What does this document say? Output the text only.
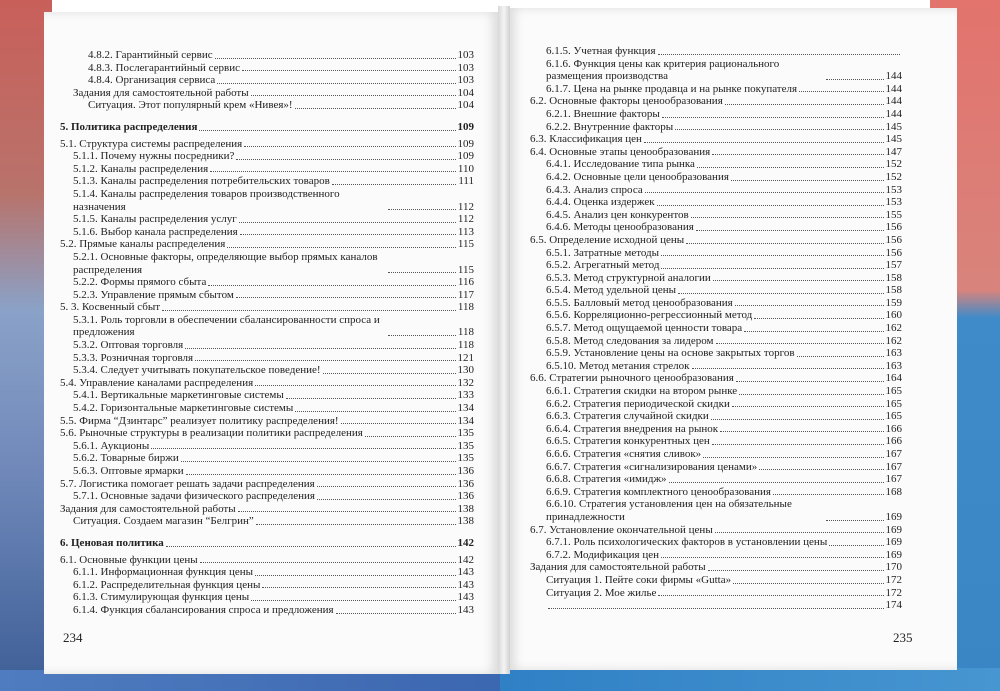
4.8.2. Гарантийный сервис	103
4.8.3. Послегарантийный сервис	103
4.8.4. Организация сервиса	103
Задания для самостоятельной работы	104
Ситуация. Этот популярный крем «Нивея»!	104
5. Политика распределения	109
5.1. Структура системы распределения	109
5.1.1. Почему нужны посредники?	109
5.1.2. Каналы распределения	110
5.1.3. Каналы распределения потребительских товаров	111
5.1.4. Каналы распределения товаров производственного назначения	112
5.1.5. Каналы распределения услуг	112
5.1.6. Выбор канала распределения	113
5.2. Прямые каналы распределения	115
5.2.1. Основные факторы, определяющие выбор прямых каналов распределения	115
5.2.2. Формы прямого сбыта	116
5.2.3. Управление прямым сбытом	117
5. 3. Косвенный сбыт	118
5.3.1. Роль торговли в обеспечении сбалансированности спроса и предложения	118
5.3.2. Оптовая торговля	118
5.3.3. Розничная торговля	121
5.3.4. Следует учитывать покупательское поведение!	130
5.4. Управление каналами распределения	132
5.4.1. Вертикальные маркетинговые системы	133
5.4.2. Горизонтальные маркетинговые системы	134
5.5. Фирма “Дзинтарс” реализует политику распределения!	134
5.6. Рыночные структуры в реализации политики распределения	135
5.6.1. Аукционы	135
5.6.2. Товарные биржи	135
5.6.3. Оптовые ярмарки	136
5.7. Логистика помогает решать задачи распределения	136
5.7.1. Основные задачи физического распределения	136
Задания для самостоятельной работы	138
Ситуация. Создаем магазин “Белгрин”	138
6. Ценовая политика	142
6.1. Основные функции цены	142
6.1.1. Информационная функция цены	143
6.1.2. Распределительная функция цены	143
6.1.3. Стимулирующая функция цены	143
6.1.4. Функция сбалансирования спроса и предложения	143
6.1.5. Учетная функция
6.1.6. Функция цены как критерия рационального размещения производства	144
6.1.7. Цена на рынке продавца и на рынке покупателя	144
6.2. Основные факторы ценообразования	144
6.2.1. Внешние факторы	144
6.2.2. Внутренние факторы	145
6.3. Классификация цен	145
6.4. Основные этапы ценообразования	147
6.4.1. Исследование типа рынка	152
6.4.2. Основные цели ценообразования	152
6.4.3. Анализ спроса	153
6.4.4. Оценка издержек	153
6.4.5. Анализ цен конкурентов	155
6.4.6. Методы ценообразования	156
6.5. Определение исходной цены	156
6.5.1. Затратные методы	156
6.5.2. Агрегатный метод	157
6.5.3. Метод структурной аналогии	158
6.5.4. Метод удельной цены	158
6.5.5. Балловый метод ценообразования	159
6.5.6. Корреляционно-регрессионный метод	160
6.5.7. Метод ощущаемой ценности товара	162
6.5.8. Метод следования за лидером	162
6.5.9. Установление цены на основе закрытых торгов	163
6.5.10. Метод метания стрелок	163
6.6. Стратегии рыночного ценообразования	164
6.6.1. Стратегия скидки на втором рынке	165
6.6.2. Стратегия периодической скидки	165
6.6.3. Стратегия случайной скидки	165
6.6.4. Стратегия внедрения на рынок	166
6.6.5. Стратегия конкурентных цен	166
6.6.6. Стратегия «снятия сливок»	167
6.6.7. Стратегия «сигнализирования ценами»	167
6.6.8. Стратегия «имидж»	167
6.6.9. Стратегия комплектного ценообразования	168
6.6.10. Стратегия установления цен на обязательные принадлежности	169
6.7. Установление окончательной цены	169
6.7.1. Роль психологических факторов в установлении цены	169
6.7.2. Модификация цен	169
Задания для самостоятельной работы	170
Ситуация 1. Пейте соки фирмы «Gutta»	172
Ситуация 2. Мое жилье	172
174
234	235
